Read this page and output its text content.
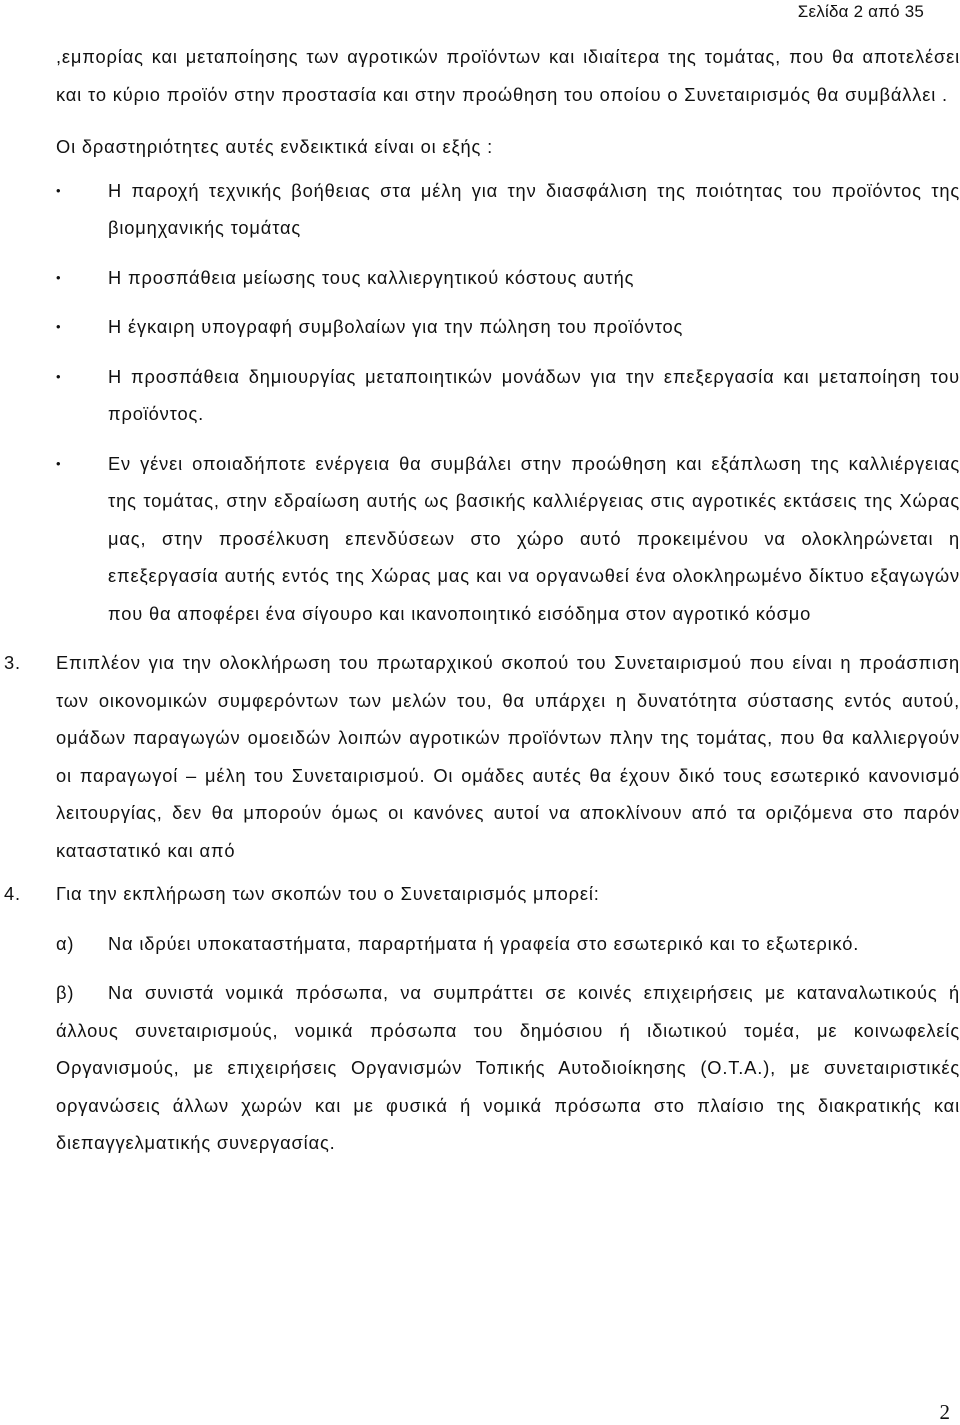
Σελίδα 2 από 35

,εμπορίας και μεταποίησης των αγροτικών προϊόντων και ιδιαίτερα της τομάτας, που θα αποτελέσει και το κύριο προϊόν στην προστασία και στην προώθηση του οποίου ο Συνεταιρισμός θα συμβάλλει .

Οι δραστηριότητες αυτές ενδεικτικά είναι οι εξής :

•	Η παροχή τεχνικής βοήθειας στα μέλη για την διασφάλιση της ποιότητας του προϊόντος της βιομηχανικής τομάτας
•	Η προσπάθεια μείωσης τους καλλιεργητικού κόστους αυτής
•	Η έγκαιρη υπογραφή συμβολαίων για την πώληση του προϊόντος
•	Η προσπάθεια δημιουργίας μεταποιητικών μονάδων για την επεξεργασία και μεταποίηση του προϊόντος.
•	Εν γένει οποιαδήποτε ενέργεια θα συμβάλει στην προώθηση και εξάπλωση της καλλιέργειας της τομάτας, στην εδραίωση αυτής ως βασικής καλλιέργειας στις αγροτικές εκτάσεις της Χώρας μας, στην προσέλκυση επενδύσεων στο χώρο αυτό προκειμένου να ολοκληρώνεται η επεξεργασία αυτής εντός της Χώρας μας και να οργανωθεί ένα ολοκληρωμένο δίκτυο εξαγωγών που θα αποφέρει ένα σίγουρο και ικανοποιητικό εισόδημα στον αγροτικό κόσμο
3. Επιπλέον για την ολοκλήρωση του πρωταρχικού σκοπού του Συνεταιρισμού που είναι η προάσπιση των οικονομικών συμφερόντων των μελών του, θα υπάρχει η δυνατότητα σύστασης εντός αυτού, ομάδων παραγωγών ομοειδών λοιπών αγροτικών προϊόντων πλην της τομάτας, που θα καλλιεργούν οι παραγωγοί – μέλη του Συνεταιρισμού. Οι ομάδες αυτές θα έχουν δικό τους εσωτερικό κανονισμό λειτουργίας, δεν θα μπορούν όμως οι κανόνες αυτοί να αποκλίνουν από τα οριζόμενα στο παρόν καταστατικό και από
4. Για την εκπλήρωση των σκοπών του ο Συνεταιρισμός μπορεί:

α) Να ιδρύει υποκαταστήματα, παραρτήματα ή γραφεία στο εσωτερικό και το εξωτερικό.

β) Να συνιστά νομικά πρόσωπα, να συμπράττει σε κοινές επιχειρήσεις με καταναλωτικούς ή άλλους συνεταιρισμούς, νομικά πρόσωπα του δημόσιου ή ιδιωτικού τομέα, με κοινωφελείς Οργανισμούς, με επιχειρήσεις Οργανισμών Τοπικής Αυτοδιοίκησης (Ο.Τ.Α.), με συνεταιριστικές οργανώσεις άλλων χωρών και με φυσικά ή νομικά πρόσωπα στο πλαίσιο της διακρατικής και διεπαγγελματικής συνεργασίας.

2
